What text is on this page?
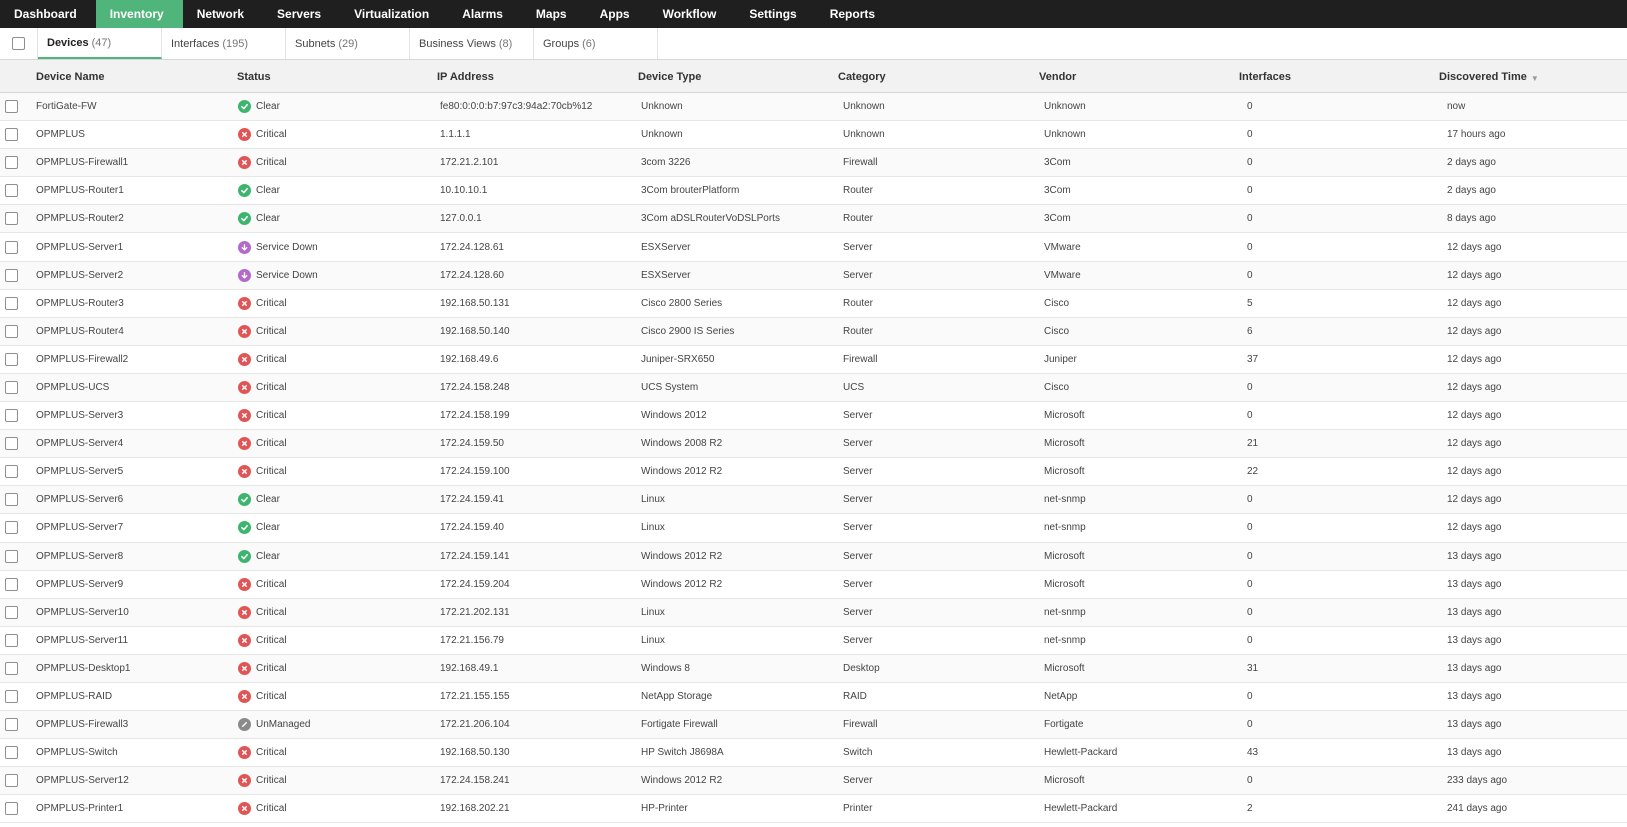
Dashboard	Inventory	Network	Servers	Virtualization	Alarms	Maps	Apps	Workflow	Settings	Reports
Devices (47)	Interfaces (195)	Subnets (29)	Business Views (8)	Groups (6)
Device Name	Status	IP Address	Device Type	Category	Vendor	Interfaces	Discovered Time ▼
FortiGate-FW	Clear	fe80:0:0:0:b7:97c3:94a2:70cb%12	Unknown	Unknown	Unknown	0	now
OPMPLUS	Critical	1.1.1.1	Unknown	Unknown	Unknown	0	17 hours ago
OPMPLUS-Firewall1	Critical	172.21.2.101	3com 3226	Firewall	3Com	0	2 days ago
OPMPLUS-Router1	Clear	10.10.10.1	3Com brouterPlatform	Router	3Com	0	2 days ago
OPMPLUS-Router2	Clear	127.0.0.1	3Com aDSLRouterVoDSLPorts	Router	3Com	0	8 days ago
OPMPLUS-Server1	Service Down	172.24.128.61	ESXServer	Server	VMware	0	12 days ago
OPMPLUS-Server2	Service Down	172.24.128.60	ESXServer	Server	VMware	0	12 days ago
OPMPLUS-Router3	Critical	192.168.50.131	Cisco 2800 Series	Router	Cisco	5	12 days ago
OPMPLUS-Router4	Critical	192.168.50.140	Cisco 2900 IS Series	Router	Cisco	6	12 days ago
OPMPLUS-Firewall2	Critical	192.168.49.6	Juniper-SRX650	Firewall	Juniper	37	12 days ago
OPMPLUS-UCS	Critical	172.24.158.248	UCS System	UCS	Cisco	0	12 days ago
OPMPLUS-Server3	Critical	172.24.158.199	Windows 2012	Server	Microsoft	0	12 days ago
OPMPLUS-Server4	Critical	172.24.159.50	Windows 2008 R2	Server	Microsoft	21	12 days ago
OPMPLUS-Server5	Critical	172.24.159.100	Windows 2012 R2	Server	Microsoft	22	12 days ago
OPMPLUS-Server6	Clear	172.24.159.41	Linux	Server	net-snmp	0	12 days ago
OPMPLUS-Server7	Clear	172.24.159.40	Linux	Server	net-snmp	0	12 days ago
OPMPLUS-Server8	Clear	172.24.159.141	Windows 2012 R2	Server	Microsoft	0	13 days ago
OPMPLUS-Server9	Critical	172.24.159.204	Windows 2012 R2	Server	Microsoft	0	13 days ago
OPMPLUS-Server10	Critical	172.21.202.131	Linux	Server	net-snmp	0	13 days ago
OPMPLUS-Server11	Critical	172.21.156.79	Linux	Server	net-snmp	0	13 days ago
OPMPLUS-Desktop1	Critical	192.168.49.1	Windows 8	Desktop	Microsoft	31	13 days ago
OPMPLUS-RAID	Critical	172.21.155.155	NetApp Storage	RAID	NetApp	0	13 days ago
OPMPLUS-Firewall3	UnManaged	172.21.206.104	Fortigate Firewall	Firewall	Fortigate	0	13 days ago
OPMPLUS-Switch	Critical	192.168.50.130	HP Switch J8698A	Switch	Hewlett-Packard	43	13 days ago
OPMPLUS-Server12	Critical	172.24.158.241	Windows 2012 R2	Server	Microsoft	0	233 days ago
OPMPLUS-Printer1	Critical	192.168.202.21	HP-Printer	Printer	Hewlett-Packard	2	241 days ago
